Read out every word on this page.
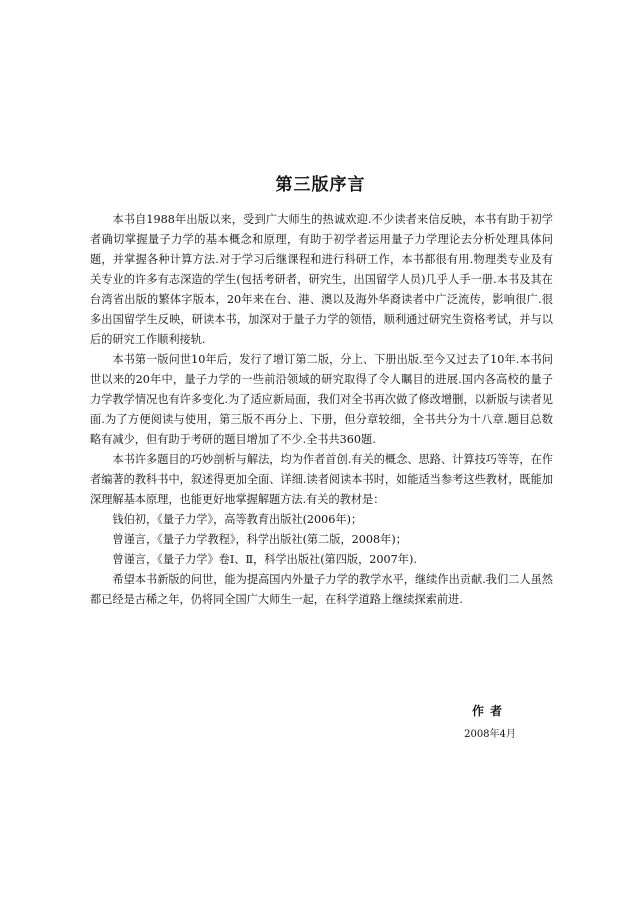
第三版序言

本书自1988年出版以来，受到广大师生的热诚欢迎.不少读者来信反映，本书有助于初学者确切掌握量子力学的基本概念和原理，有助于初学者运用量子力学理论去分析处理具体问题，并掌握各种计算方法.对于学习后继课程和进行科研工作，本书都很有用.物理类专业及有关专业的许多有志深造的学生(包括考研者，研究生，出国留学人员)几乎人手一册.本书及其在台湾省出版的繁体字版本，20年来在台、港、澳以及海外华裔读者中广泛流传，影响很广.很多出国留学生反映，研读本书，加深对于量子力学的领悟，顺利通过研究生资格考试，并与以后的研究工作顺利接轨.

本书第一版问世10年后，发行了增订第二版，分上、下册出版.至今又过去了10年.本书问世以来的20年中，量子力学的一些前沿领域的研究取得了令人瞩目的进展.国内各高校的量子力学教学情况也有许多变化.为了适应新局面，我们对全书再次做了修改增删，以新版与读者见面.为了方便阅读与使用，第三版不再分上、下册，但分章较细，全书共分为十八章.题目总数略有减少，但有助于考研的题目增加了不少.全书共360题.

本书许多题目的巧妙剖析与解法，均为作者首创.有关的概念、思路、计算技巧等等，在作者编著的教科书中，叙述得更加全面、详细.读者阅读本书时，如能适当参考这些教材，既能加深理解基本原理，也能更好地掌握解题方法.有关的教材是：

钱伯初，《量子力学》，高等教育出版社(2006年)；

曾谨言，《量子力学教程》，科学出版社(第二版，2008年)；

曾谨言，《量子力学》卷Ⅰ、Ⅱ，科学出版社(第四版，2007年).

希望本书新版的问世，能为提高国内外量子力学的教学水平，继续作出贡献.我们二人虽然都已经是古稀之年，仍将同全国广大师生一起，在科学道路上继续探索前进.

作者
2008年4月
